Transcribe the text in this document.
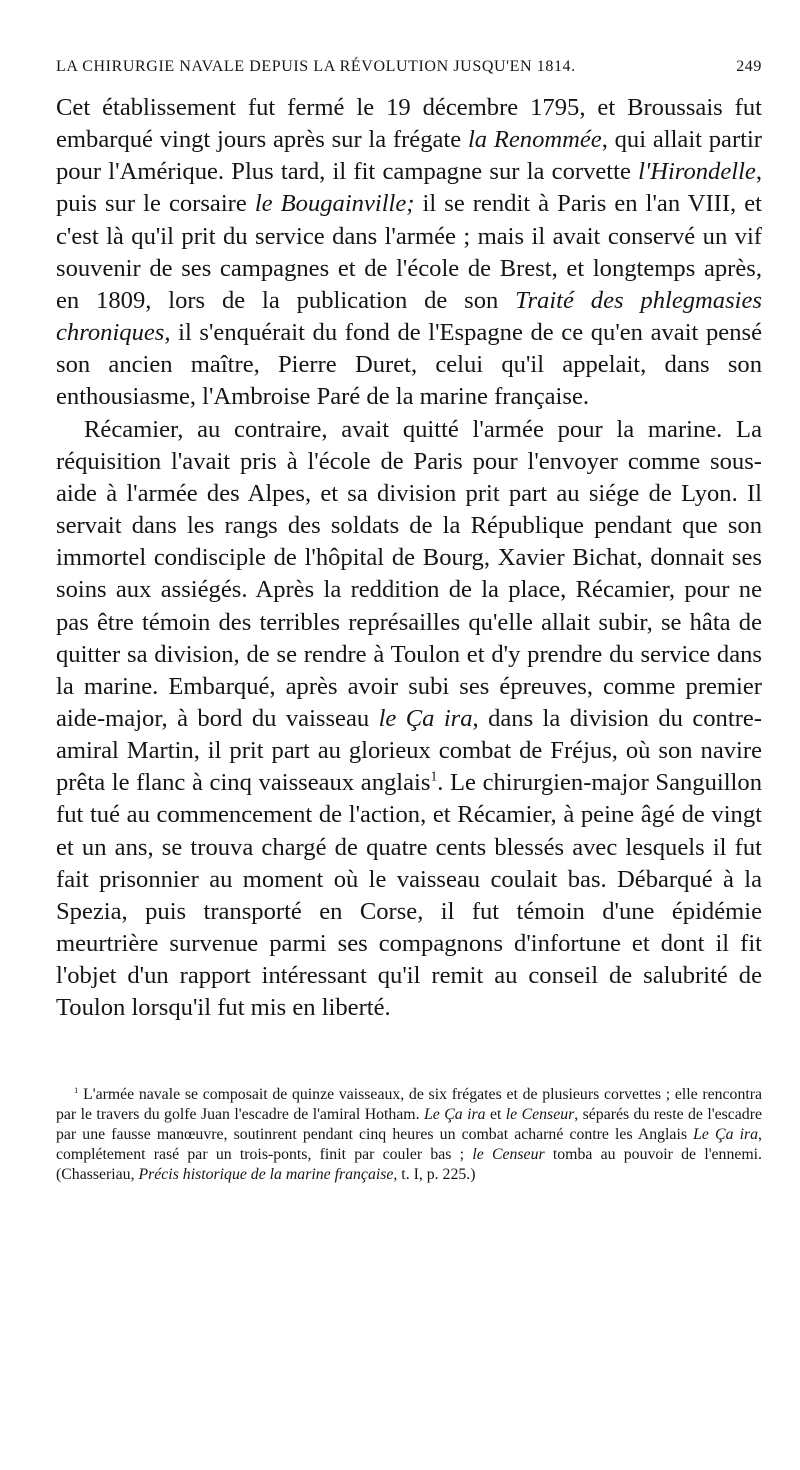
LA CHIRURGIE NAVALE DEPUIS LA RÉVOLUTION JUSQU'EN 1814.	249

Cet établissement fut fermé le 19 décembre 1795, et Broussais fut embarqué vingt jours après sur la frégate la Renommée, qui allait partir pour l'Amérique. Plus tard, il fit campagne sur la corvette l'Hirondelle, puis sur le corsaire le Bougainville; il se rendit à Paris en l'an VIII, et c'est là qu'il prit du service dans l'armée ; mais il avait conservé un vif souvenir de ses campagnes et de l'école de Brest, et longtemps après, en 1809, lors de la publication de son Traité des phlegmasies chroniques, il s'enquérait du fond de l'Espagne de ce qu'en avait pensé son ancien maître, Pierre Duret, celui qu'il appelait, dans son enthousiasme, l'Ambroise Paré de la marine française.

Récamier, au contraire, avait quitté l'armée pour la marine. La réquisition l'avait pris à l'école de Paris pour l'envoyer comme sous-aide à l'armée des Alpes, et sa division prit part au siége de Lyon. Il servait dans les rangs des soldats de la République pendant que son immortel condisciple de l'hôpital de Bourg, Xavier Bichat, donnait ses soins aux assiégés. Après la reddition de la place, Récamier, pour ne pas être témoin des terribles représailles qu'elle allait subir, se hâta de quitter sa division, de se rendre à Toulon et d'y prendre du service dans la marine. Embarqué, après avoir subi ses épreuves, comme premier aide-major, à bord du vaisseau le Ça ira, dans la division du contre-amiral Martin, il prit part au glorieux combat de Fréjus, où son navire prêta le flanc à cinq vaisseaux anglais$^1$. Le chirurgien-major Sanguillon fut tué au commencement de l'action, et Récamier, à peine âgé de vingt et un ans, se trouva chargé de quatre cents blessés avec lesquels il fut fait prisonnier au moment où le vaisseau coulait bas. Débarqué à la Spezia, puis transporté en Corse, il fut témoin d'une épidémie meurtrière survenue parmi ses compagnons d'infortune et dont il fit l'objet d'un rapport intéressant qu'il remit au conseil de salubrité de Toulon lorsqu'il fut mis en liberté.

$^1$ L'armée navale se composait de quinze vaisseaux, de six frégates et de plusieurs corvettes ; elle rencontra par le travers du golfe Juan l'escadre de l'amiral Hotham. Le Ça ira et le Censeur, séparés du reste de l'escadre par une fausse manœuvre, soutinrent pendant cinq heures un combat acharné contre les Anglais Le Ça ira, complétement rasé par un trois-ponts, finit par couler bas ; le Censeur tomba au pouvoir de l'ennemi. (Chasseriau, Précis historique de la marine française, t. I, p. 225.)
